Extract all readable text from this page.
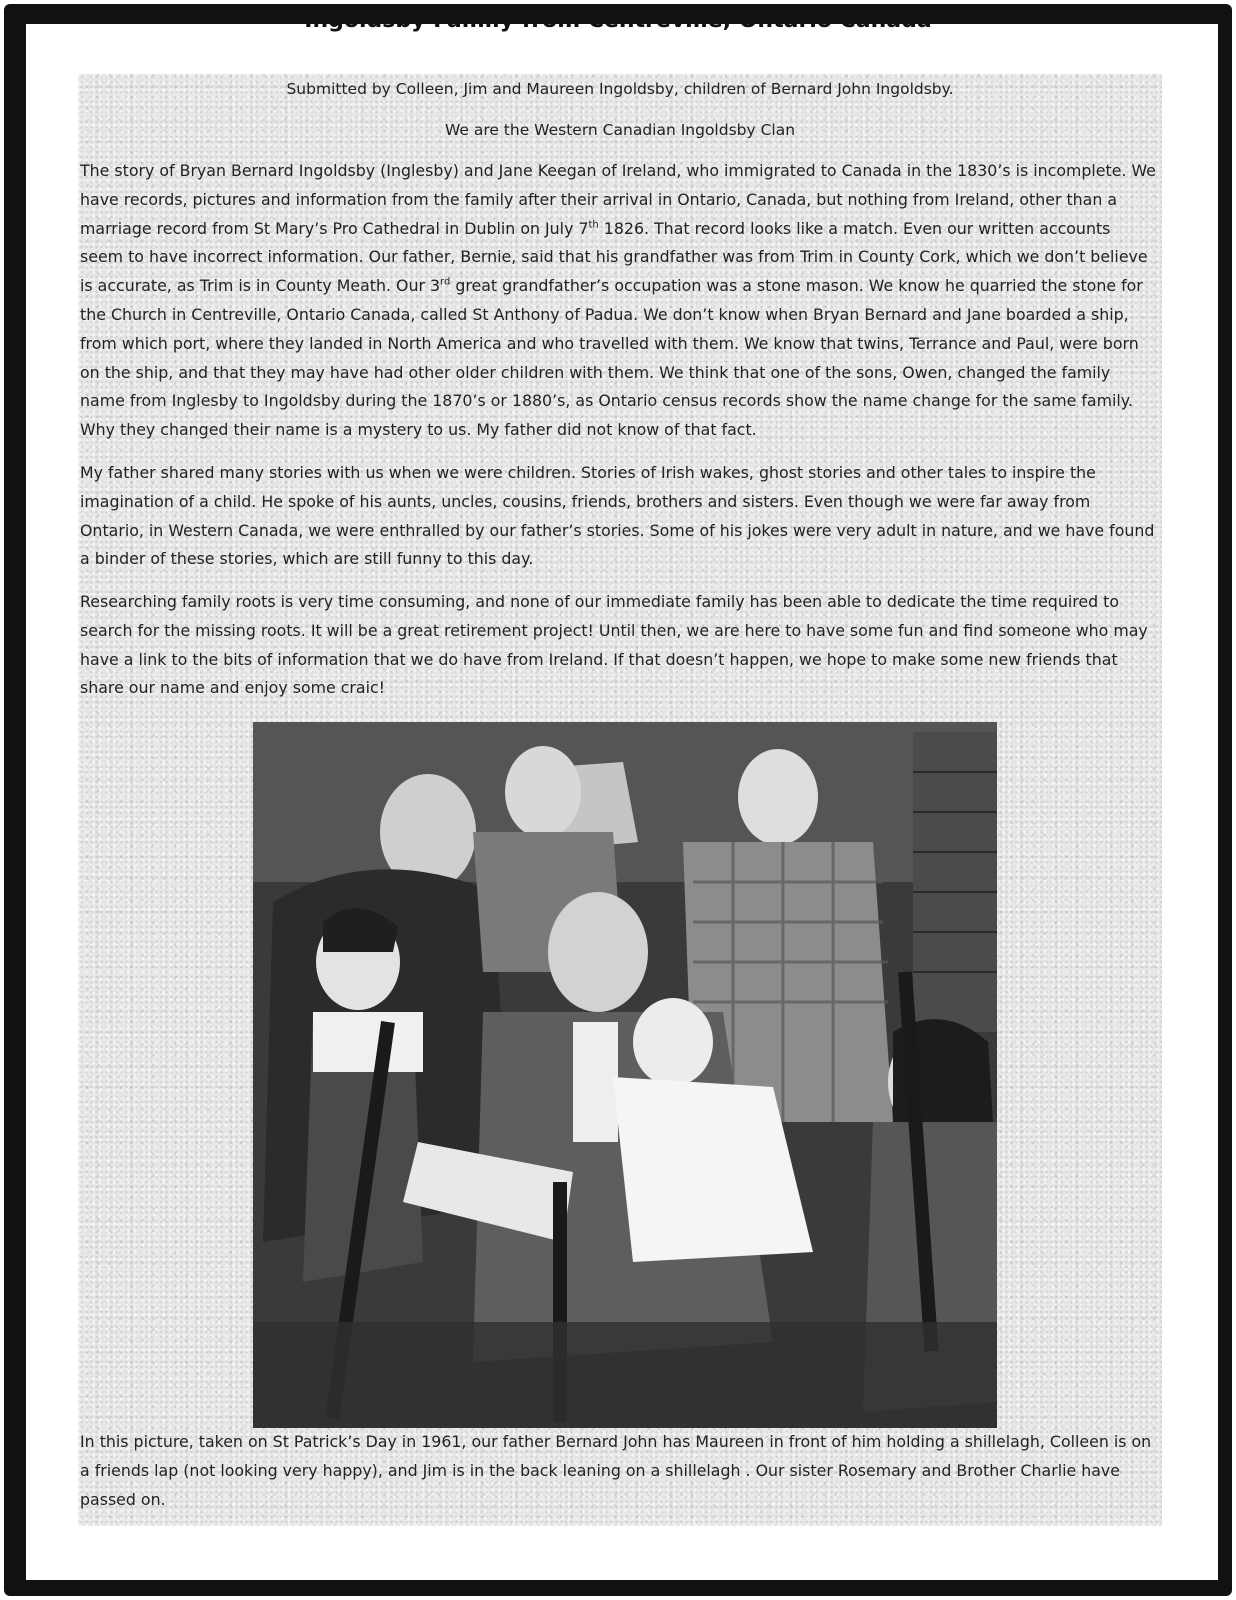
Ingoldsby Family from Centreville, Ontario Canada
Submitted by Colleen, Jim and Maureen Ingoldsby, children of Bernard John Ingoldsby.
We are the Western Canadian Ingoldsby Clan

The story of Bryan Bernard Ingoldsby (Inglesby) and Jane Keegan of Ireland, who immigrated to Canada in the 1830’s is incomplete. We have records, pictures and information from the family after their arrival in Ontario, Canada, but nothing from Ireland, other than a marriage record from St Mary’s Pro Cathedral in Dublin on July 7th 1826. That record looks like a match. Even our written accounts seem to have incorrect information. Our father, Bernie, said that his grandfather was from Trim in County Cork, which we don’t believe is accurate, as Trim is in County Meath. Our 3rd great grandfather’s occupation was a stone mason. We know he quarried the stone for the Church in Centreville, Ontario Canada, called St Anthony of Padua. We don’t know when Bryan Bernard and Jane boarded a ship, from which port, where they landed in North America and who travelled with them. We know that twins, Terrance and Paul, were born on the ship, and that they may have had other older children with them. We think that one of the sons, Owen, changed the family name from Inglesby to Ingoldsby during the 1870’s or 1880’s, as Ontario census records show the name change for the same family. Why they changed their name is a mystery to us. My father did not know of that fact.

My father shared many stories with us when we were children. Stories of Irish wakes, ghost stories and other tales to inspire the imagination of a child. He spoke of his aunts, uncles, cousins, friends, brothers and sisters. Even though we were far away from Ontario, in Western Canada, we were enthralled by our father’s stories. Some of his jokes were very adult in nature, and we have found a binder of these stories, which are still funny to this day.

Researching family roots is very time consuming, and none of our immediate family has been able to dedicate the time required to search for the missing roots. It will be a great retirement project! Until then, we are here to have some fun and find someone who may have a link to the bits of information that we do have from Ireland. If that doesn’t happen, we hope to make some new friends that share our name and enjoy some craic!

In this picture, taken on St Patrick’s Day in 1961, our father Bernard John has Maureen in front of him holding a shillelagh, Colleen is on a friends lap (not looking very happy), and Jim is in the back leaning on a shillelagh . Our sister Rosemary and Brother Charlie have passed on.
